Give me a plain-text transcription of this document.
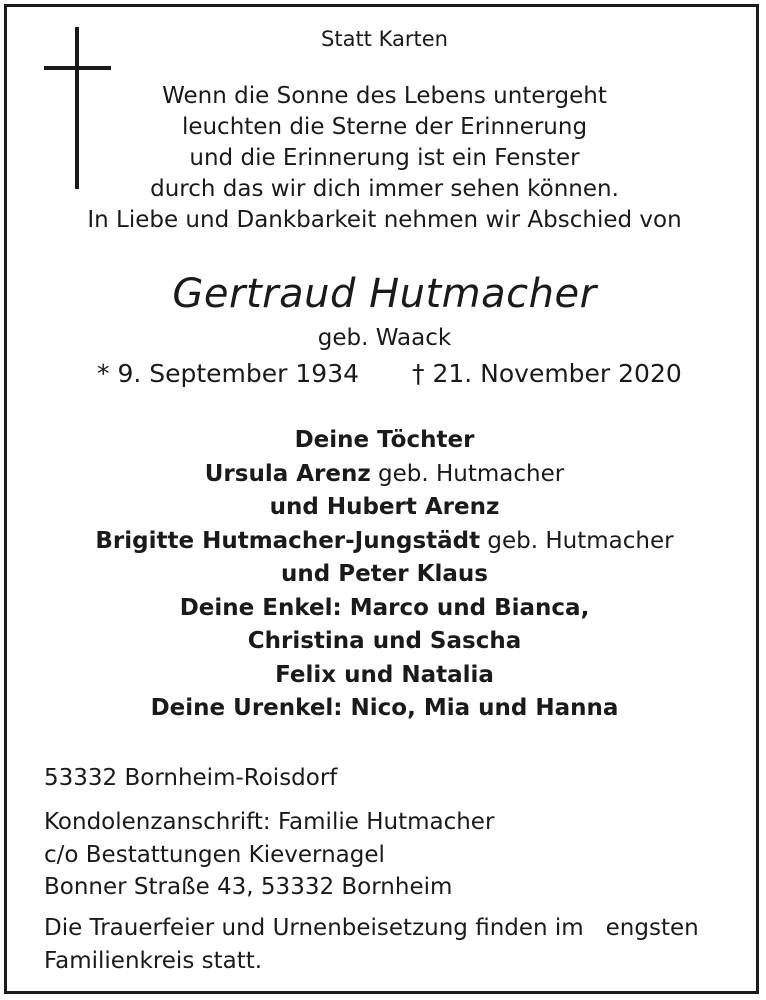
Statt Karten
Wenn die Sonne des Lebens untergeht
leuchten die Sterne der Erinnerung
und die Erinnerung ist ein Fenster
durch das wir dich immer sehen können.
In Liebe und Dankbarkeit nehmen wir Abschied von
Gertraud Hutmacher
geb. Waack
* 9. September 1934 † 21. November 2020
Deine Töchter
Ursula Arenz geb. Hutmacher
und Hubert Arenz
Brigitte Hutmacher-Jungstädt geb. Hutmacher
und Peter Klaus
Deine Enkel: Marco und Bianca,
Christina und Sascha
Felix und Natalia
Deine Urenkel: Nico, Mia und Hanna
53332 Bornheim-Roisdorf
Kondolenzanschrift: Familie Hutmacher
c/o Bestattungen Kievernagel
Bonner Straße 43, 53332 Bornheim
Die Trauerfeier und Urnenbeisetzung finden im   engsten
Familienkreis statt.
